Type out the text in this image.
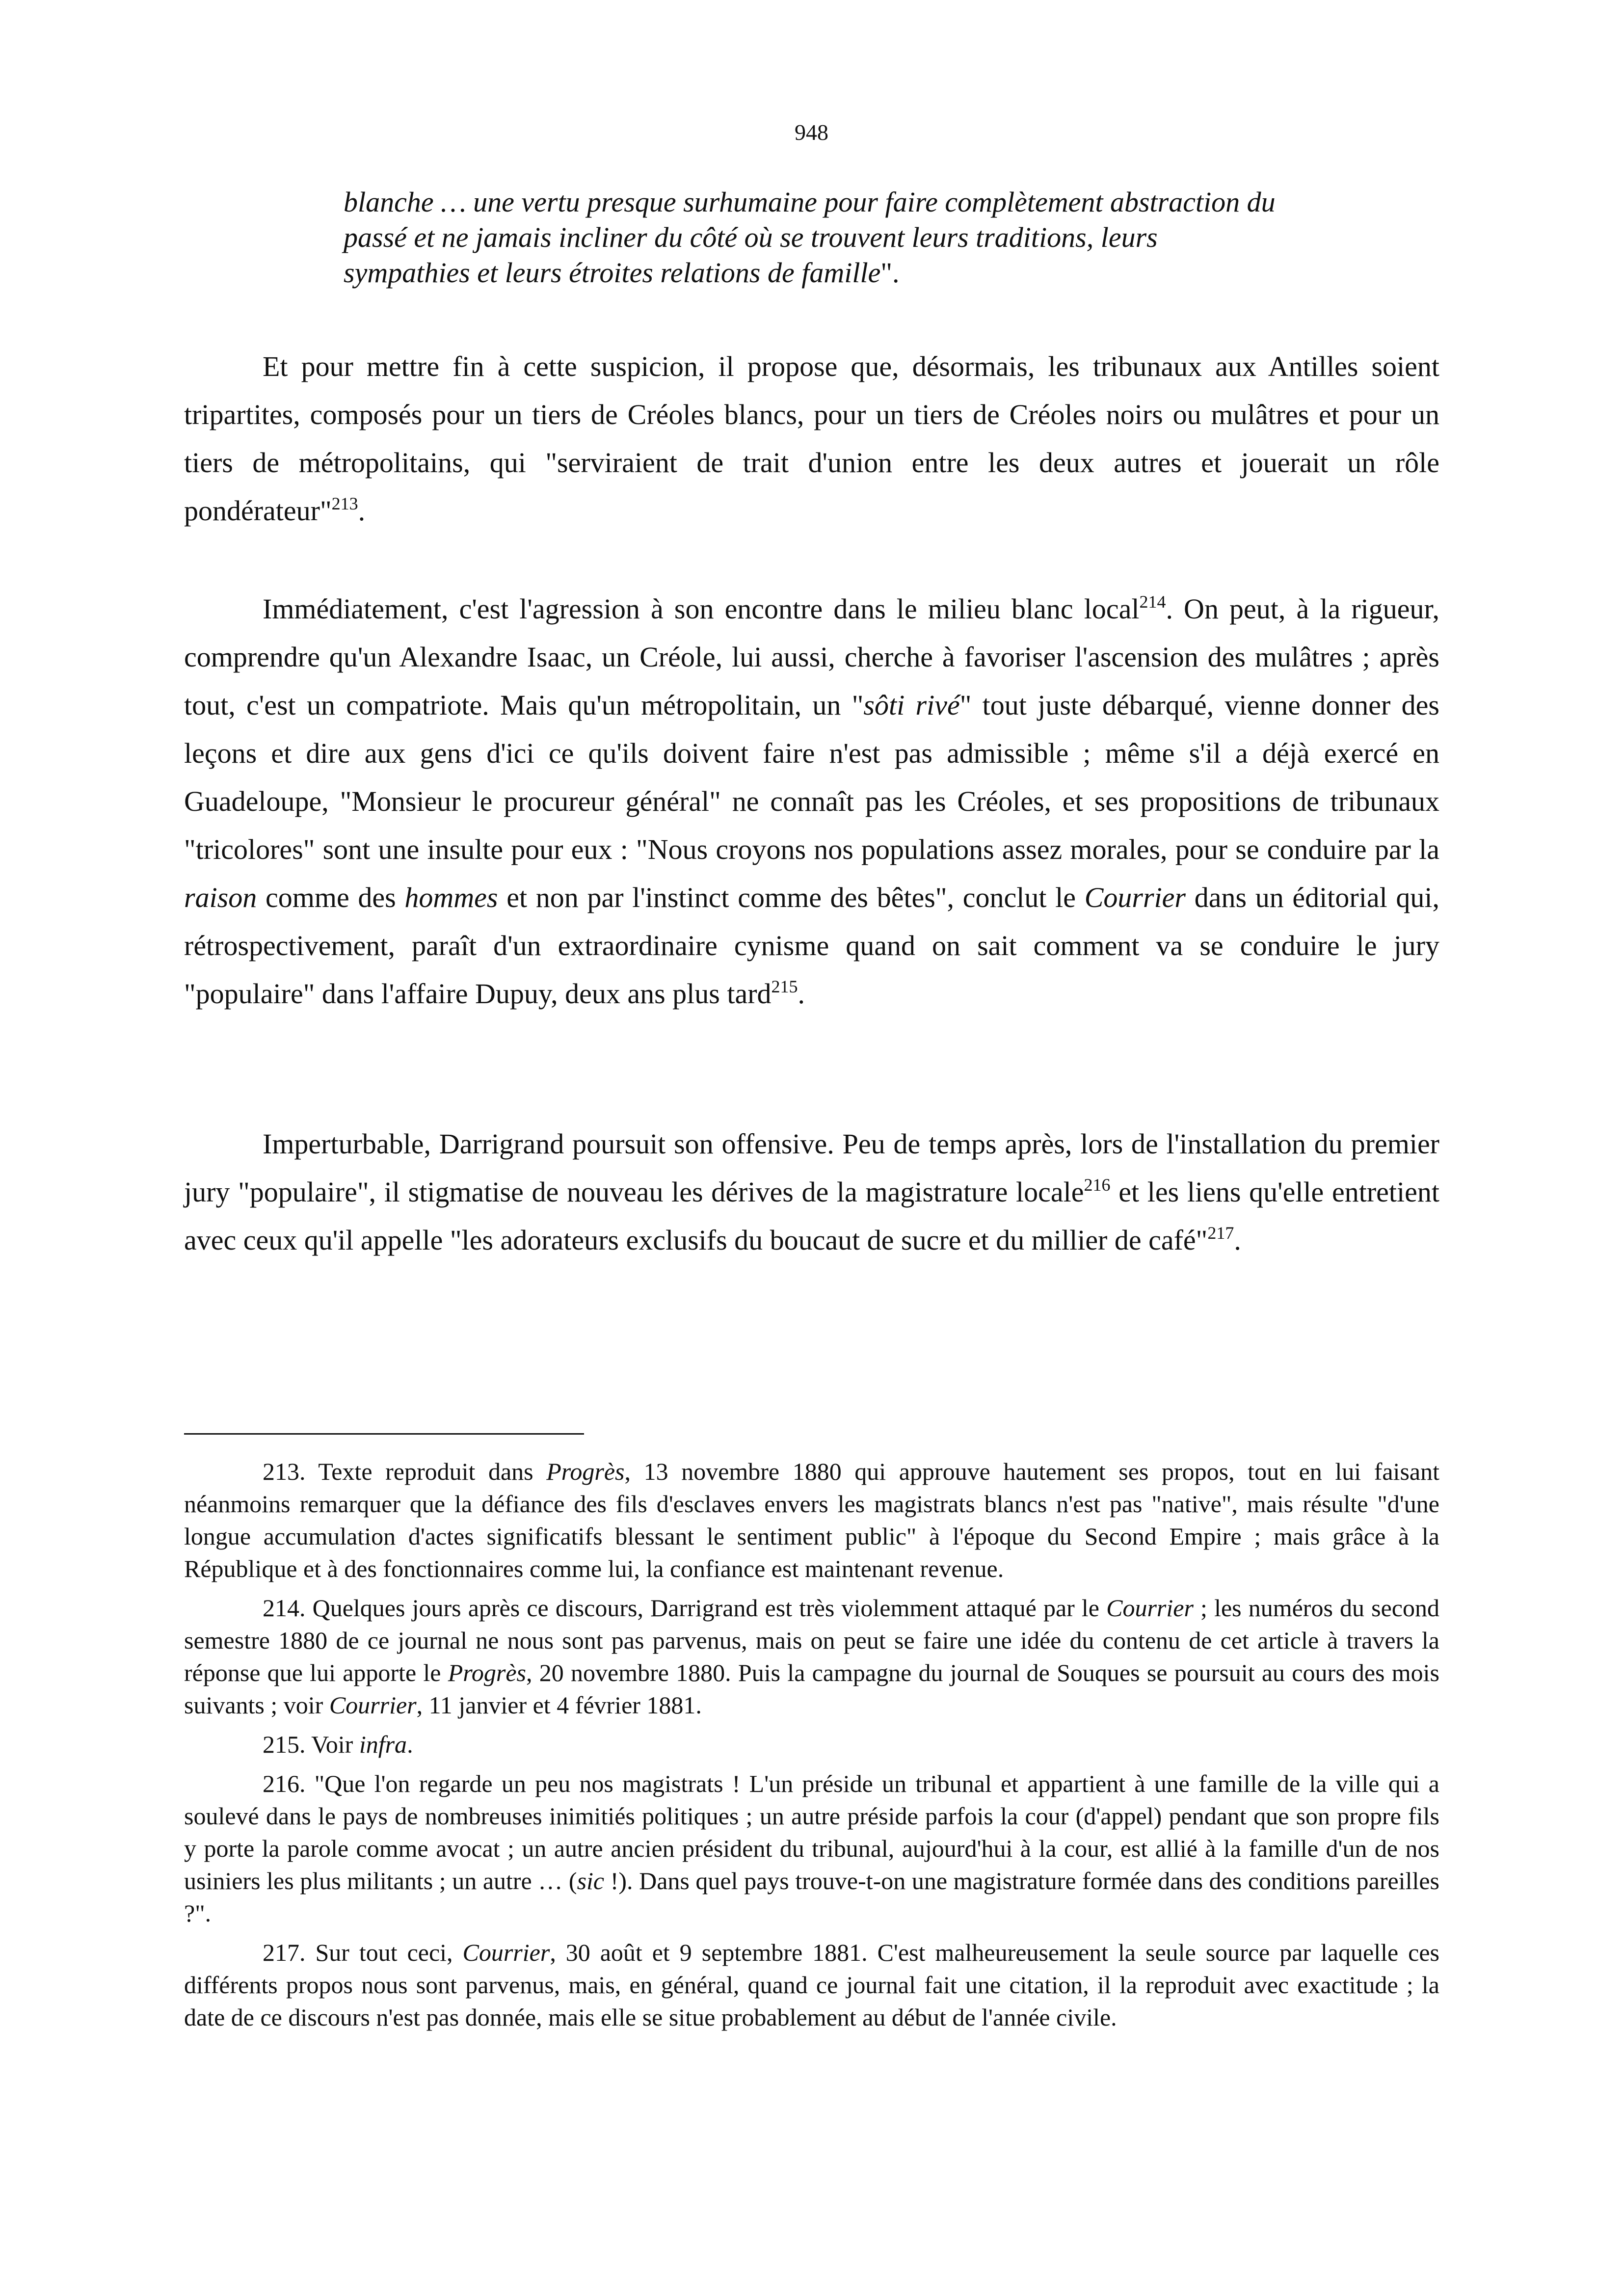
948

blanche … une vertu presque surhumaine pour faire complètement abstraction du passé et ne jamais incliner du côté où se trouvent leurs traditions, leurs sympathies et leurs étroites relations de famille".

Et pour mettre fin à cette suspicion, il propose que, désormais, les tribunaux aux Antilles soient tripartites, composés pour un tiers de Créoles blancs, pour un tiers de Créoles noirs ou mulâtres et pour un tiers de métropolitains, qui "serviraient de trait d'union entre les deux autres et jouerait un rôle pondérateur"$^{213}$.

Immédiatement, c'est l'agression à son encontre dans le milieu blanc local$^{214}$. On peut, à la rigueur, comprendre qu'un Alexandre Isaac, un Créole, lui aussi, cherche à favoriser l'ascension des mulâtres ; après tout, c'est un compatriote. Mais qu'un métropolitain, un "sôti rivé" tout juste débarqué, vienne donner des leçons et dire aux gens d'ici ce qu'ils doivent faire n'est pas admissible ; même s'il a déjà exercé en Guadeloupe, "Monsieur le procureur général" ne connaît pas les Créoles, et ses propositions de tribunaux "tricolores" sont une insulte pour eux : "Nous croyons nos populations assez morales, pour se conduire par la raison comme des hommes et non par l'instinct comme des bêtes", conclut le Courrier dans un éditorial qui, rétrospectivement, paraît d'un extraordinaire cynisme quand on sait comment va se conduire le jury "populaire" dans l'affaire Dupuy, deux ans plus tard$^{215}$.

Imperturbable, Darrigrand poursuit son offensive. Peu de temps après, lors de l'installation du premier jury "populaire", il stigmatise de nouveau les dérives de la magistrature locale$^{216}$ et les liens qu'elle entretient avec ceux qu'il appelle "les adorateurs exclusifs du boucaut de sucre et du millier de café"$^{217}$.

213. Texte reproduit dans Progrès, 13 novembre 1880 qui approuve hautement ses propos, tout en lui faisant néanmoins remarquer que la défiance des fils d'esclaves envers les magistrats blancs n'est pas "native", mais résulte "d'une longue accumulation d'actes significatifs blessant le sentiment public" à l'époque du Second Empire ; mais grâce à la République et à des fonctionnaires comme lui, la confiance est maintenant revenue.

214. Quelques jours après ce discours, Darrigrand est très violemment attaqué par le Courrier ; les numéros du second semestre 1880 de ce journal ne nous sont pas parvenus, mais on peut se faire une idée du contenu de cet article à travers la réponse que lui apporte le Progrès, 20 novembre 1880. Puis la campagne du journal de Souques se poursuit au cours des mois suivants ; voir Courrier, 11 janvier et 4 février 1881.

215. Voir infra.

216. "Que l'on regarde un peu nos magistrats ! L'un préside un tribunal et appartient à une famille de la ville qui a soulevé dans le pays de nombreuses inimitiés politiques ; un autre préside parfois la cour (d'appel) pendant que son propre fils y porte la parole comme avocat ; un autre ancien président du tribunal, aujourd'hui à la cour, est allié à la famille d'un de nos usiniers les plus militants ; un autre … (sic !). Dans quel pays trouve-t-on une magistrature formée dans des conditions pareilles ?".

217. Sur tout ceci, Courrier, 30 août et 9 septembre 1881. C'est malheureusement la seule source par laquelle ces différents propos nous sont parvenus, mais, en général, quand ce journal fait une citation, il la reproduit avec exactitude ; la date de ce discours n'est pas donnée, mais elle se situe probablement au début de l'année civile.
